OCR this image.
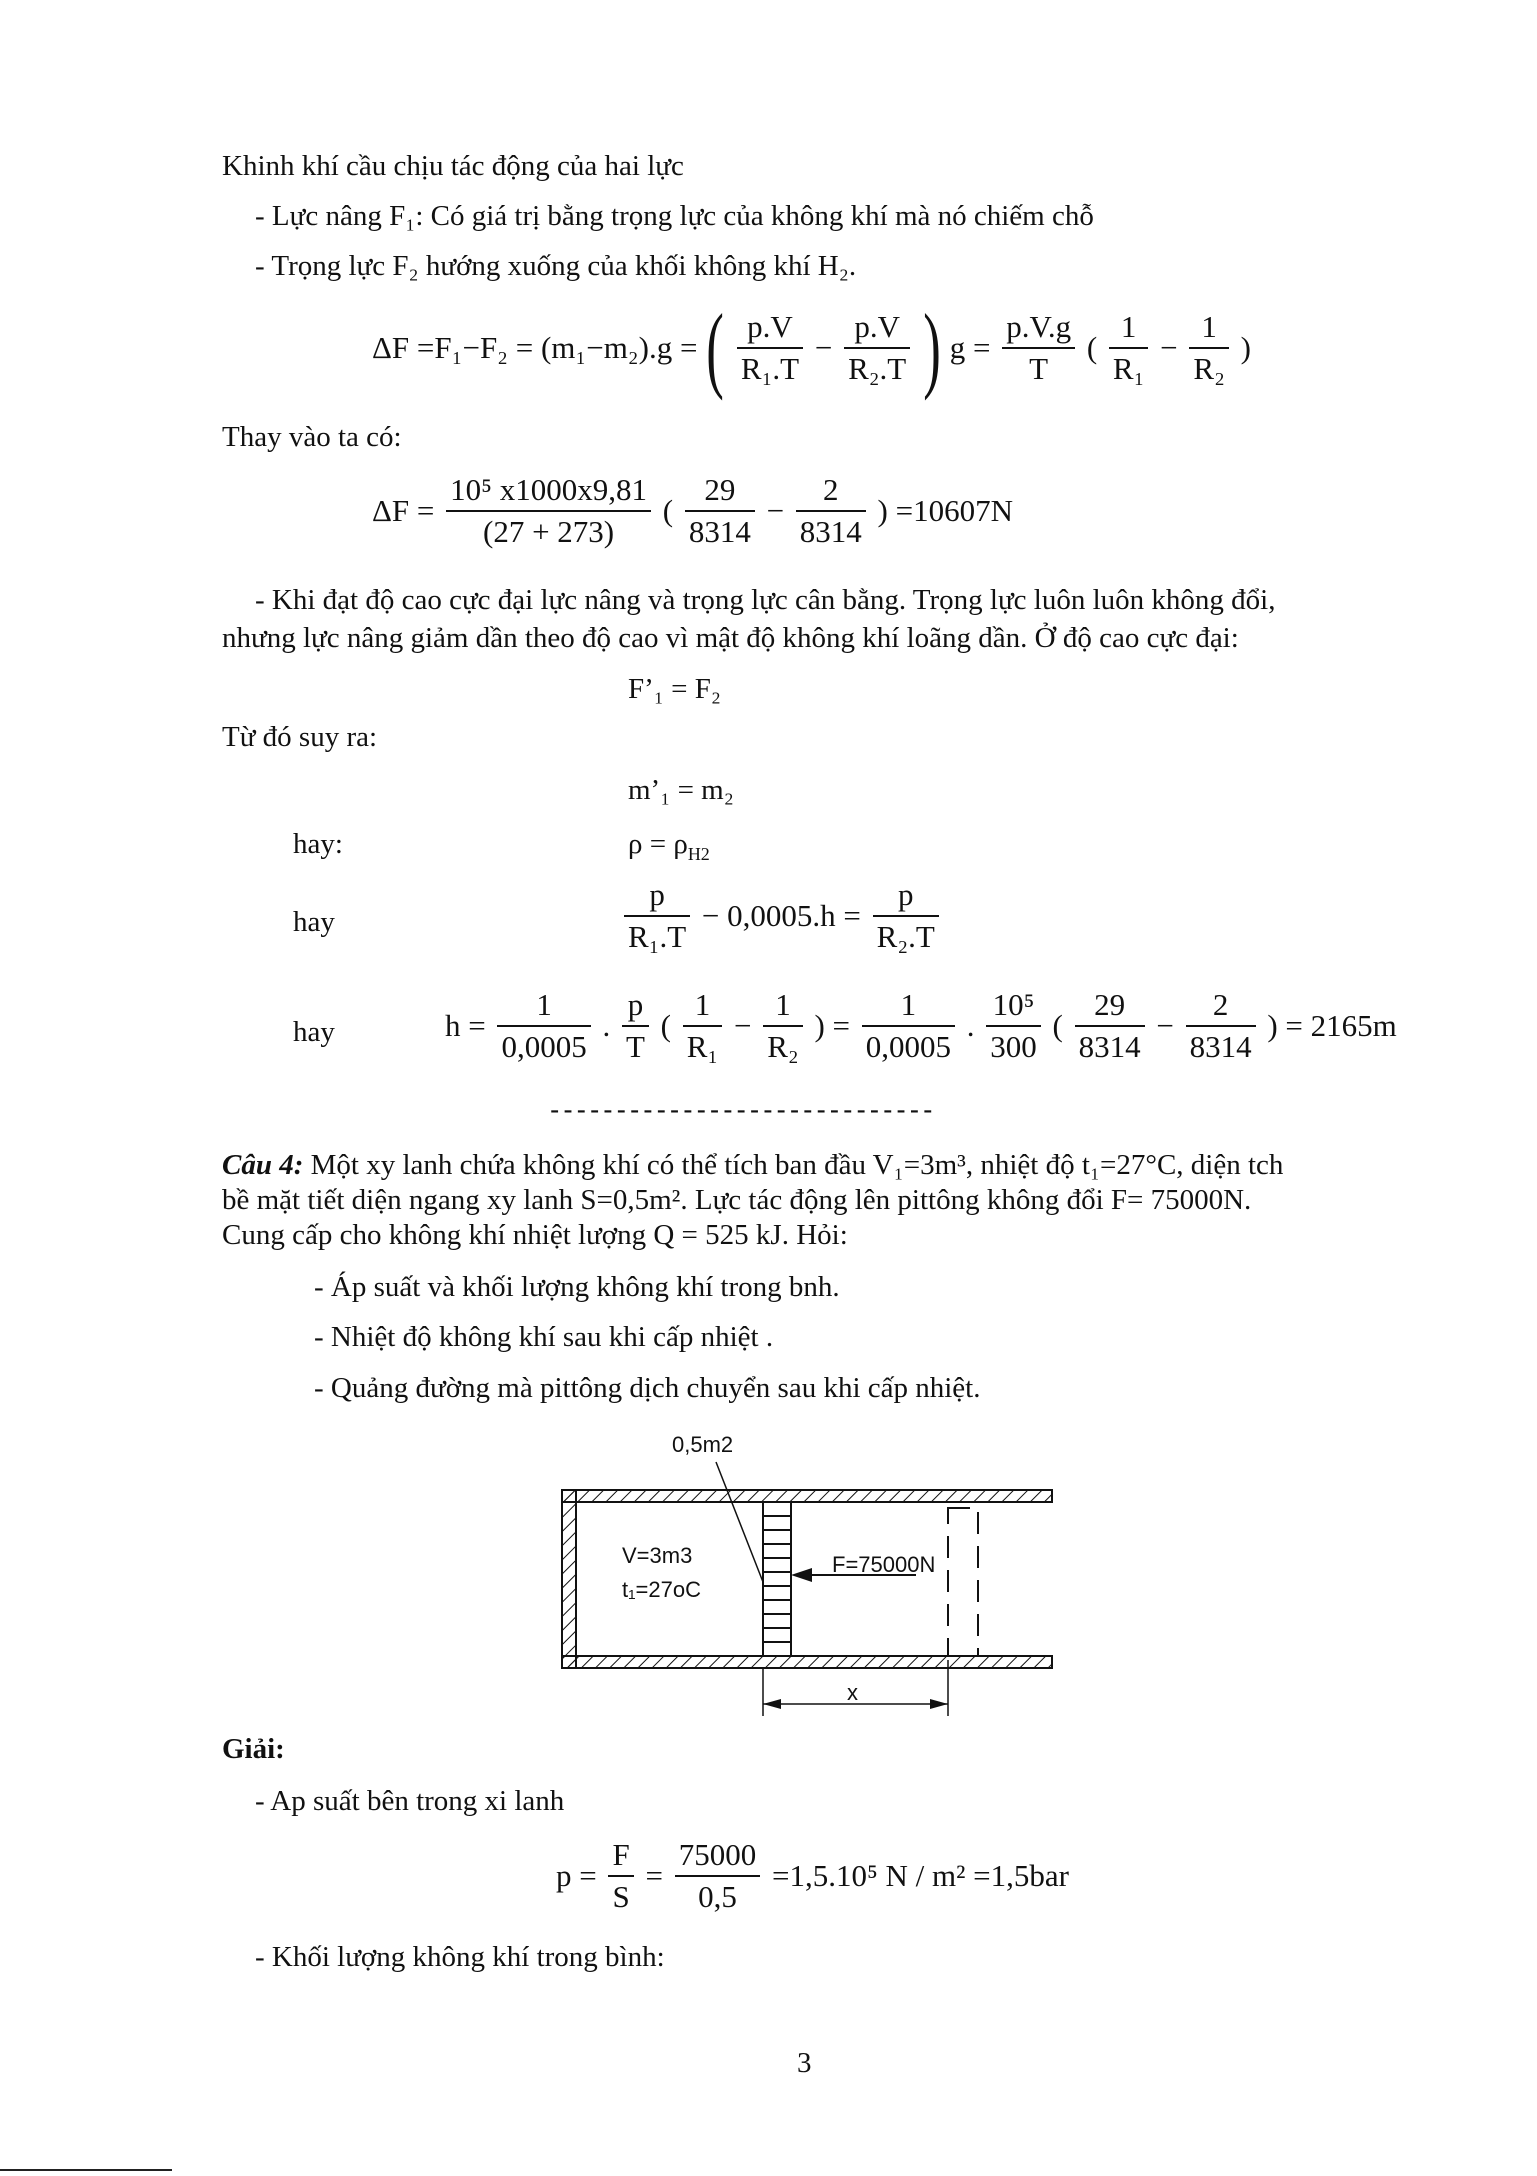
Khinh khí cầu chịu tác động của hai lực
- Lực nâng F₁: Có giá trị bằng trọng lực của không khí mà nó chiếm chỗ
- Trọng lực F₂ hướng xuống của khối không khí H₂.
ΔF =F₁−F₂ = (m₁−m₂).g = ( $\frac{p.V}{\text{R₁.T}} - \frac{p.V}{\text{R₂.T}}$ ) $g = \frac{p.V.g}{T}$ ( $\frac{1}{\text{R₁}} - \frac{1}{\text{R₂}}$ )
Thay vào ta có:
$\Delta F = \frac{\text{10⁵ x1000x9,81}}{(27 + 273)}$ ( $\frac{29}{8314} - \frac{2}{8314}$ ) =10607N
- Khi đạt độ cao cực đại lực nâng và trọng lực cân bằng. Trọng lực luôn luôn không đổi,
nhưng lực nâng giảm dần theo độ cao vì mật độ không khí loãng dần. Ở độ cao cực đại:
F’₁ = F₂
Từ đó suy ra:
m’₁ = m₂
hay:	$\rho = \rho_{H2}$
hay	$\frac{p}{\text{R₁.T}} - 0,0005.h = \frac{p}{\text{R₂.T}}$
hay	$h = \frac{1}{0,0005}$ . $\frac{p}{T}$ ( $\frac{1}{\text{R₁}} - \frac{1}{\text{R₂}}$ ) = $\frac{1}{0,0005}$ . $\frac{\text{10⁵}}{300}$ ( $\frac{29}{8314} - \frac{2}{8314}$ ) = 2165m
-----------------------------
Câu 4: Một xy lanh chứa không khí có thể tích ban đầu V₁=3m³, nhiệt độ t₁=27°C, diện tch
bề mặt tiết diện ngang xy lanh S=0,5m². Lực tác động lên pittông không đổi F= 75000N.
Cung cấp cho không khí nhiệt lượng Q = 525 kJ. Hỏi:
- Áp suất và khối lượng không khí trong bnh.
- Nhiệt độ không khí sau khi cấp nhiệt .
- Quảng đường mà pittông dịch chuyển sau khi cấp nhiệt.
0,5m2
V=3m3
t₁=27oC
F=75000N
x
Giải:
- Ap suất bên trong xi lanh
$p = \frac{F}{S} = \frac{75000}{0,5} =1,5.10^5$ N / m² =1,5bar
- Khối lượng không khí trong bình:
3
